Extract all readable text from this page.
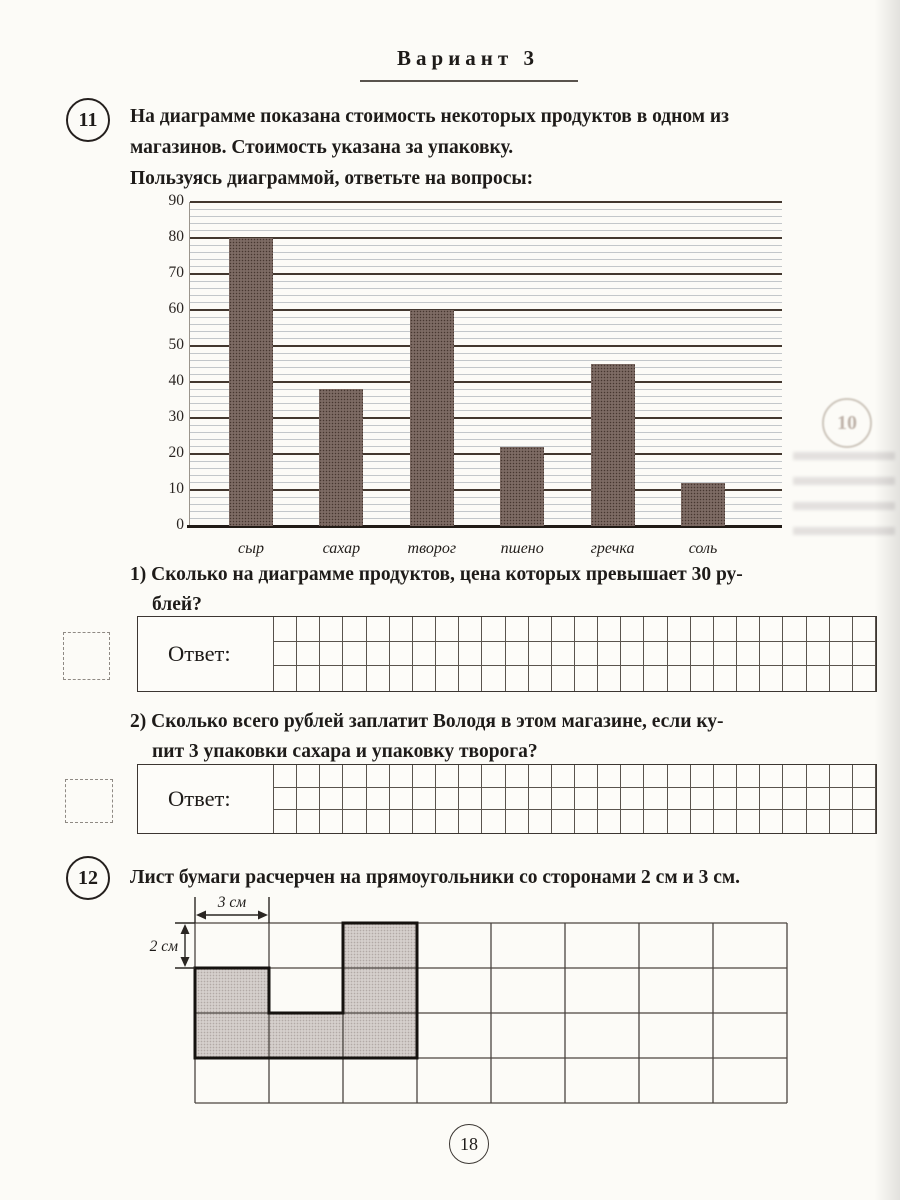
Вариант 3
11	На диаграмме показана стоимость некоторых продуктов в одном из
магазинов. Стоимость указана за упаковку.
Пользуясь диаграммой, ответьте на вопросы:
0
10
20
30
40
50
60
70
80
90
сыр	сахар	творог	пшено	гречка	соль
1) Сколько на диаграмме продуктов, цена которых превышает 30 ру-
блей?
Ответ:
2) Сколько всего рублей заплатит Володя в этом магазине, если ку-
пит 3 упаковки сахара и упаковку творога?
Ответ:
12	Лист бумаги расчерчен на прямоугольники со сторонами 2 см и 3 см.
3 см
2 см
18
10
